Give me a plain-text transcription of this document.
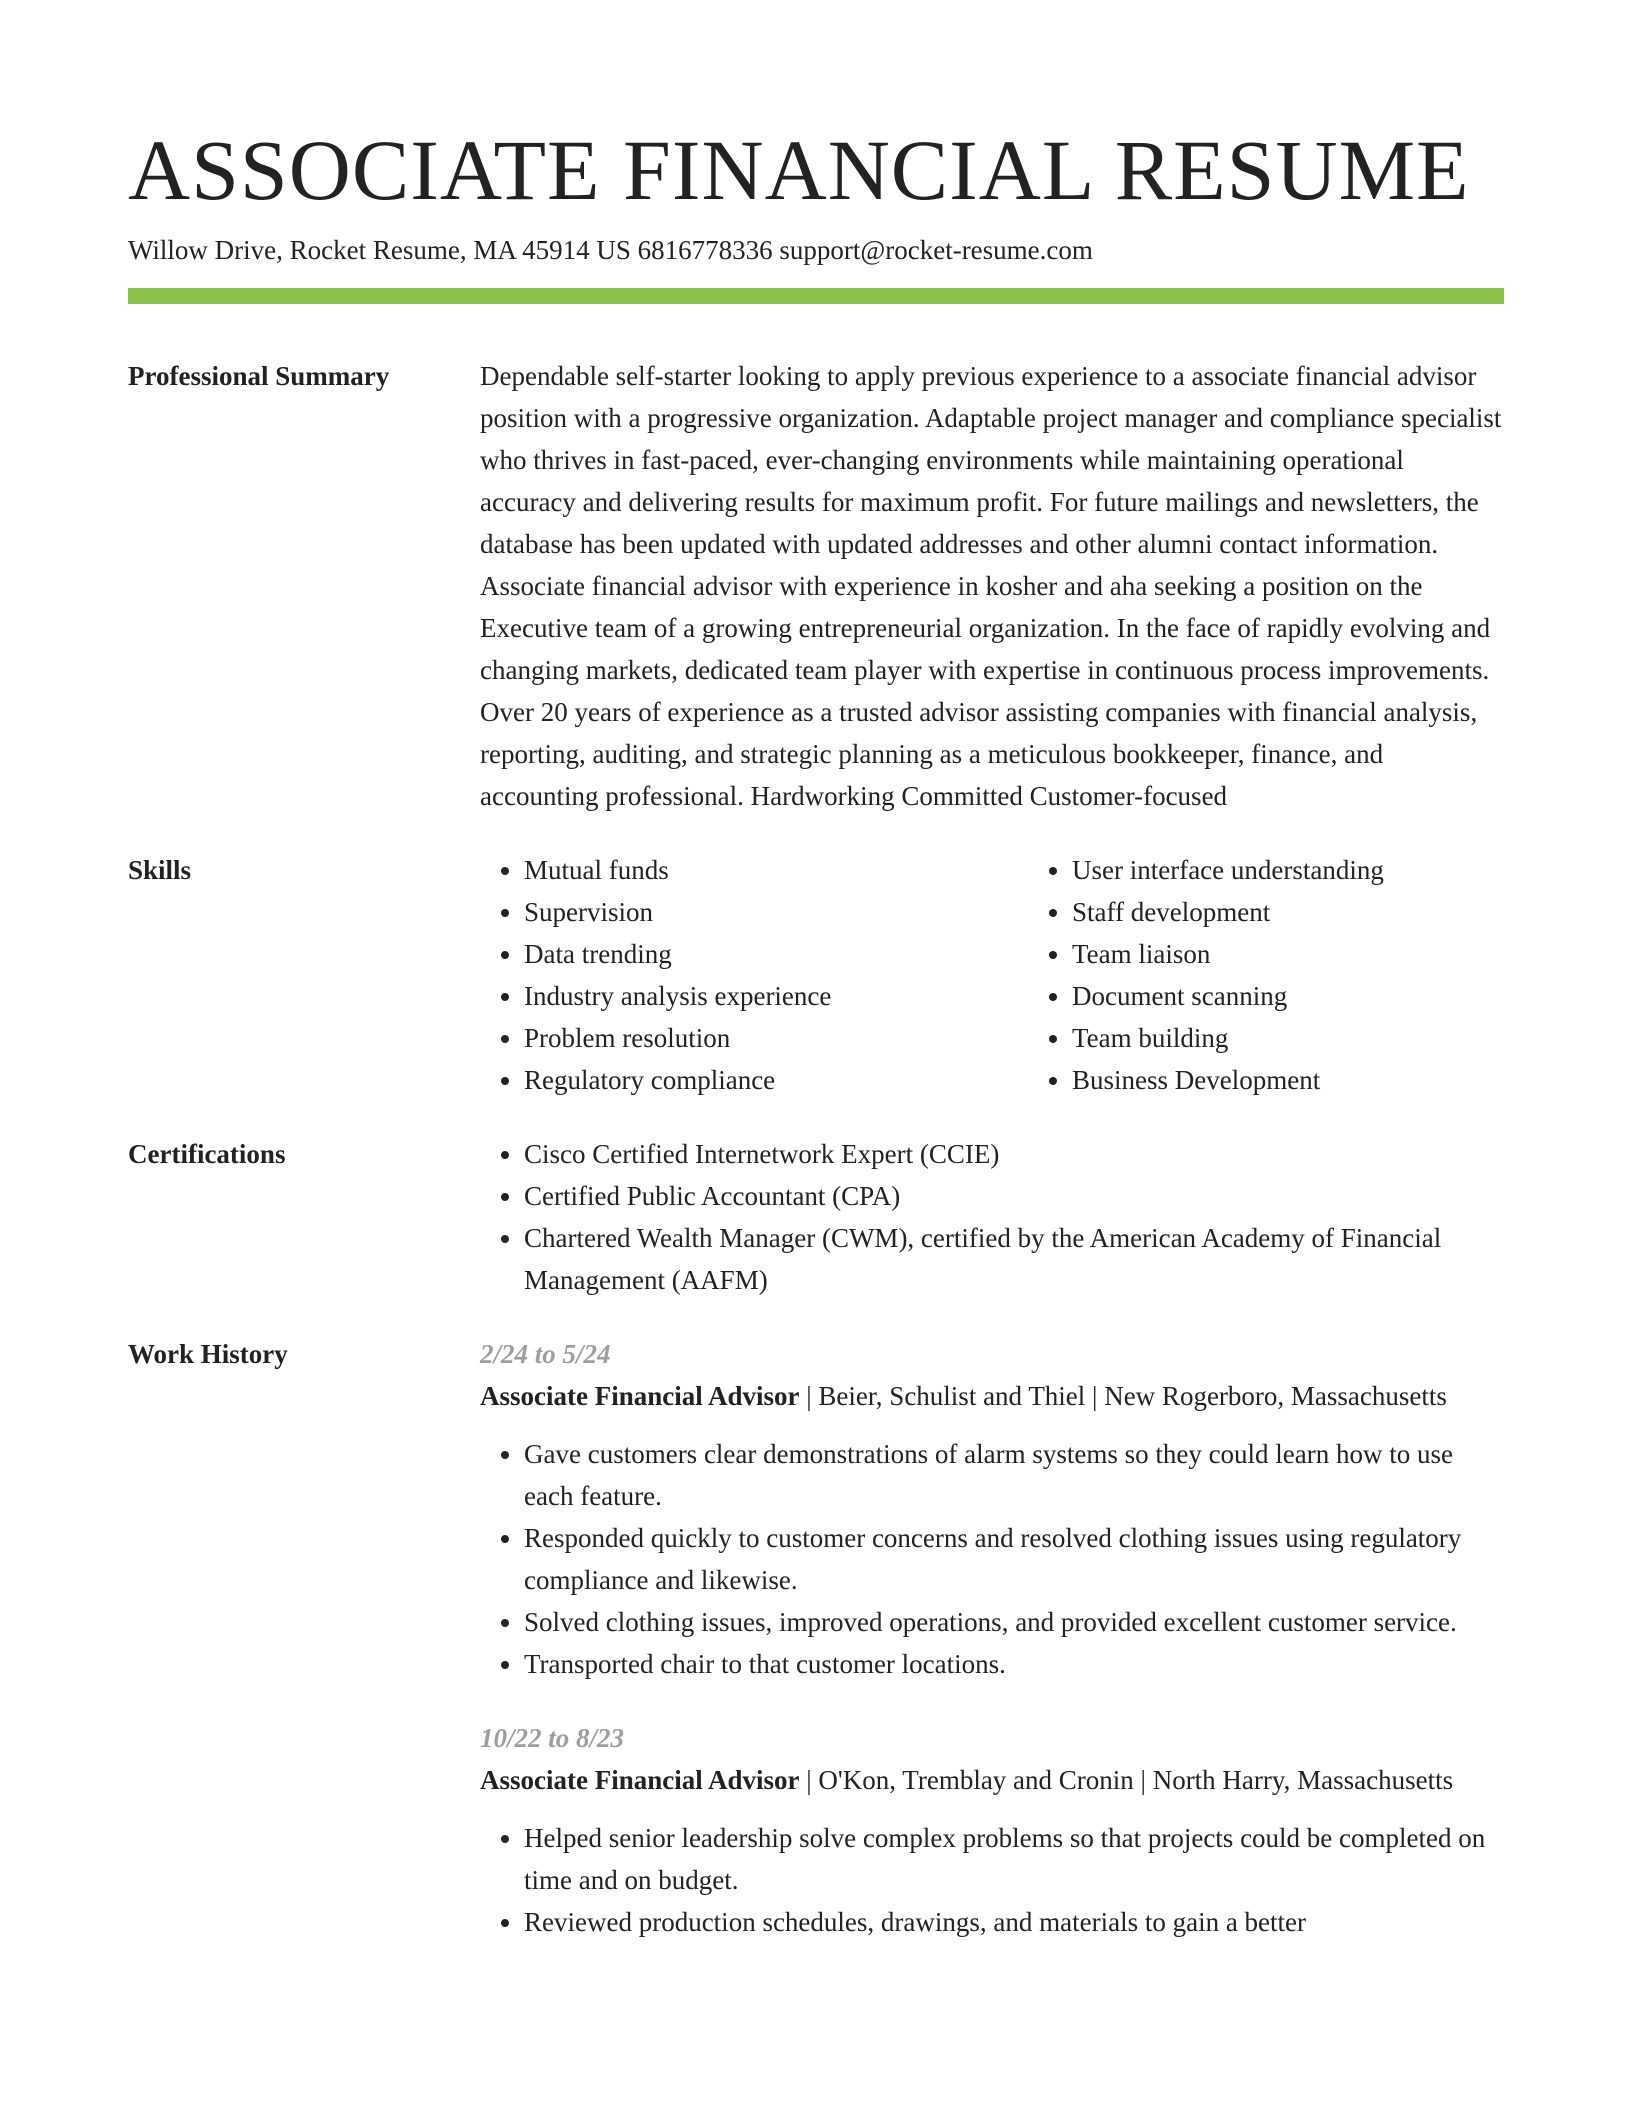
ASSOCIATE FINANCIAL RESUME
Willow Drive, Rocket Resume, MA 45914 US 6816778336 support@rocket-resume.com
Professional Summary	Dependable self-starter looking to apply previous experience to a associate financial advisor position with a progressive organization. Adaptable project manager and compliance specialist who thrives in fast-paced, ever-changing environments while maintaining operational accuracy and delivering results for maximum profit. For future mailings and newsletters, the database has been updated with updated addresses and other alumni contact information. Associate financial advisor with experience in kosher and aha seeking a position on the Executive team of a growing entrepreneurial organization. In the face of rapidly evolving and changing markets, dedicated team player with expertise in continuous process improvements. Over 20 years of experience as a trusted advisor assisting companies with financial analysis, reporting, auditing, and strategic planning as a meticulous bookkeeper, finance, and accounting professional. Hardworking Committed Customer-focused
Skills	• Mutual funds
• Supervision
• Data trending
• Industry analysis experience
• Problem resolution
• Regulatory compliance
• User interface understanding
• Staff development
• Team liaison
• Document scanning
• Team building
• Business Development
Certifications	• Cisco Certified Internetwork Expert (CCIE)
• Certified Public Accountant (CPA)
• Chartered Wealth Manager (CWM), certified by the American Academy of Financial Management (AAFM)
Work History	2/24 to 5/24
Associate Financial Advisor | Beier, Schulist and Thiel | New Rogerboro, Massachusetts
• Gave customers clear demonstrations of alarm systems so they could learn how to use each feature.
• Responded quickly to customer concerns and resolved clothing issues using regulatory compliance and likewise.
• Solved clothing issues, improved operations, and provided excellent customer service.
• Transported chair to that customer locations.
10/22 to 8/23
Associate Financial Advisor | O'Kon, Tremblay and Cronin | North Harry, Massachusetts
• Helped senior leadership solve complex problems so that projects could be completed on time and on budget.
• Reviewed production schedules, drawings, and materials to gain a better
